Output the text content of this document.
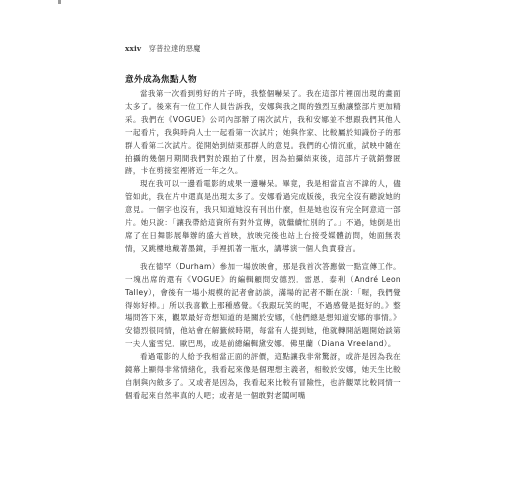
xxiv 穿普拉達的惡魔
意外成為焦點人物

當我第一次看到剪好的片子時，我整個嚇呆了。我在這部片裡面出現的畫面太多了。後來有一位工作人員告訴我，安娜與我之間的強烈互動讓整部片更加精采。我們在《VOGUE》公司內部辦了兩次試片，我和安娜並不想跟我們其他人一起看片，我與時尚人士一起看第一次試片；她與作家、比較屬於知識份子的那群人看第二次試片。從開始到結束那群人的意見。我們的心情沉重，試映中隨在拍攝的幾個月期間我們對於跟拍了什麼，因為拍攝結束後，這部片子就銷聲匿跡，卡在剪接室裡將近一年之久。

現在我可以一邊看電影的成果一邊嚇呆。畢竟，我是相當直言不諱的人，儘管如此，我在片中還真是出現太多了。安娜看過完成版後，我完全沒有聽說她的意見。一個字也沒有，我只知道她沒有刊出什麼，但是她也沒有完全阿意這一部片。她只說：「讓我帶給這資所有對外宣傳，就繼續忙別的了。」不過，她倒是出席了在日舞影展舉辦的盛大首映，放映完後也站上台接受媒體訪問，她面無表情，又跳樓地戴著墨鏡，手裡抓著一瓶水，講導演一個人負責發言。

我在德罕（Durham）參加一場放映會，那是我首次答應做一點宣傳工作。一塊出席的還有《VOGUE》的編輯顧問安德烈．雷恩．泰利（André Leon Talley），會後有一場小規模的記者會訪談，滿場的記者不斷在說：「喔，我們覺得妳好棒。」所以我喜歡上那種感覺。《我跟玩笑的呢，不過感覺是挺好的。》整場問答下來，觀眾最好奇想知道的是關於安娜，《他們總是想知道安娜的事情。》安德烈很同情，他站會在解籤候時期，每當有人提到她，他就轉開話題開始談第一夫人蜜雪兒．歐巴馬，或是前總編輯黛安娜．佛里蘭（Diana Vreeland）。

看過電影的人給予我相當正面的評價，這點讓我非常驚訝，或許是因為我在鏡幕上顯得非常情緒化，我看起來像是個理想主義者，相較於安娜，她天生比較自制與內斂多了。又或者是因為，我看起來比較有冒險性，也許觀眾比較同情一個看起來自然率真的人吧；或者是一個敢對老闆呵嘴
